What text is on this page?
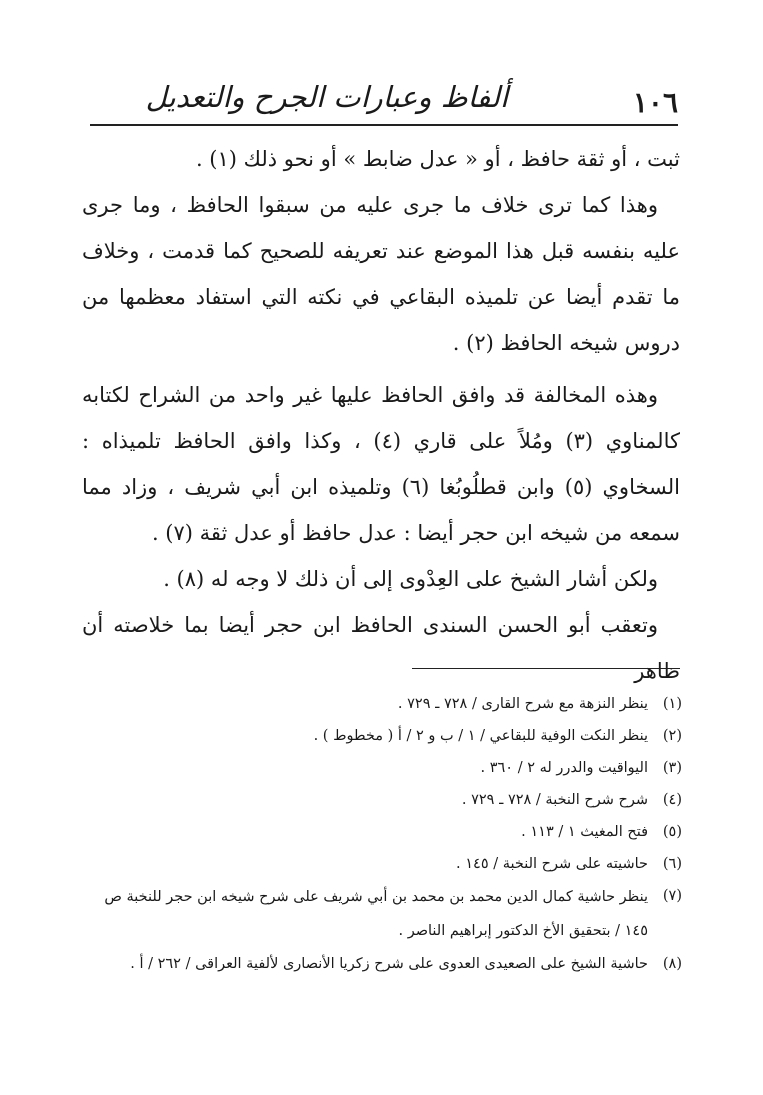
١٠٦
ألفاظ وعبارات الجرح والتعديل

ثبت ، أو ثقة حافظ ، أو « عدل ضابط » أو نحو ذلك (١) .

وهذا كما ترى خلاف ما جرى عليه من سبقوا الحافظ ، وما جرى عليه بنفسه قبل هذا الموضع عند تعريفه للصحيح كما قدمت ، وخلاف ما تقدم أيضا عن تلميذه البقاعي في نكته التي استفاد معظمها من دروس شيخه الحافظ (٢) .

وهذه المخالفة قد وافق الحافظ عليها غير واحد من الشراح لكتابه كالمناوي (٣) ومُلاً على قاري (٤) ، وكذا وافق الحافظ تلميذاه : السخاوي (٥) وابن قطلُوبُغا (٦) وتلميذه ابن أبي شريف ، وزاد مما سمعه من شيخه ابن حجر أيضا : عدل حافظ أو عدل ثقة (٧) .

ولكن أشار الشيخ على العِدْوى إلى أن ذلك لا وجه له (٨) .

وتعقب أبو الحسن السندى الحافظ ابن حجر أيضا بما خلاصته أن ظاهر

(١)
ينظر النزهة مع شرح القارى / ٧٢٨ ـ ٧٢٩ .
(٢)
ينظر النكت الوفية للبقاعي / ١ / ب و ٢ / أ ( مخطوط ) .
(٣)
اليواقيت والدرر له ٢ / ٣٦٠ .
(٤)
شرح شرح النخبة / ٧٢٨ ـ ٧٢٩ .
(٥)
فتح المغيث ١ / ١١٣ .
(٦)
حاشيته على شرح النخبة / ١٤٥ .
(٧)
ينظر حاشية كمال الدين محمد بن محمد بن أبي شريف على شرح شيخه ابن حجر للنخبة ص ١٤٥ / بتحقيق الأخ الدكتور إبراهيم الناصر .
(٨)
حاشية الشيخ على الصعيدى العدوى على شرح زكريا الأنصارى لألفية العراقى / ٢٦٢ / أ .
